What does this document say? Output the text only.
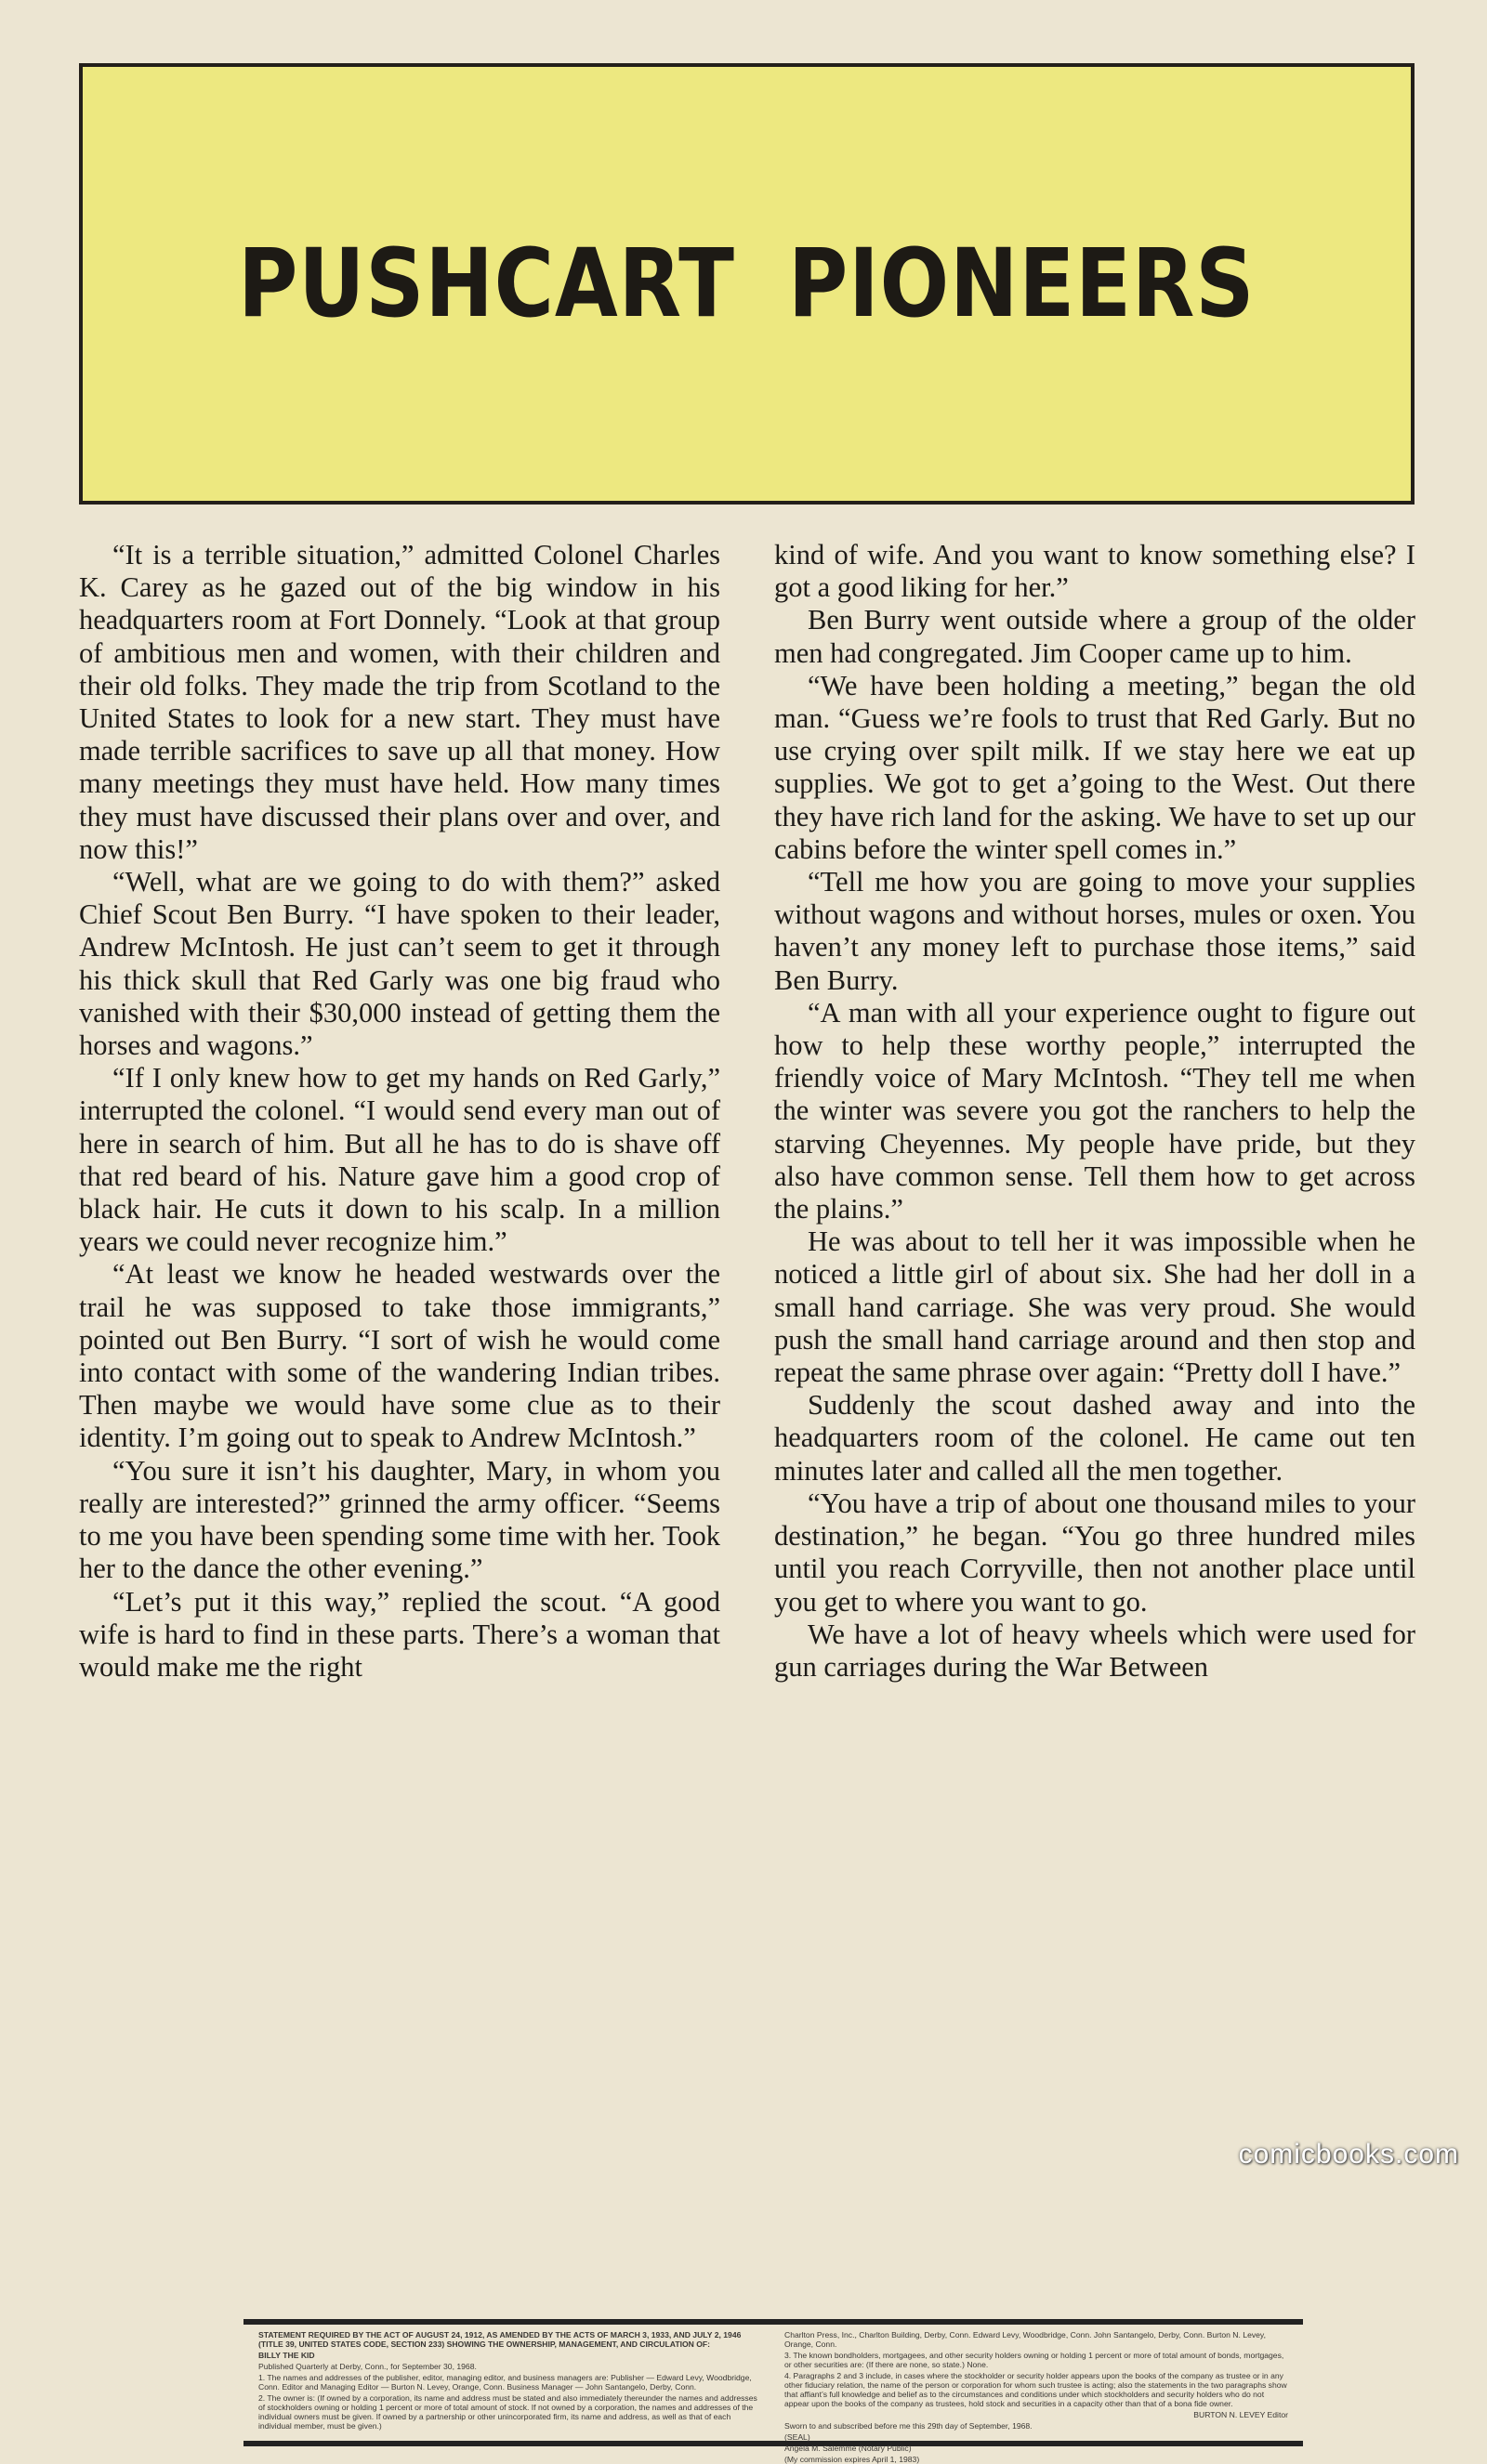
PUSHCART PIONEERS

“It is a terrible situation,” admitted Colonel Charles K. Carey as he gazed out of the big window in his headquarters room at Fort Donnely. “Look at that group of ambitious men and women, with their children and their old folks. They made the trip from Scotland to the United States to look for a new start. They must have made terrible sacrifices to save up all that money. How many meetings they must have held. How many times they must have discussed their plans over and over, and now this!”

“Well, what are we going to do with them?” asked Chief Scout Ben Burry. “I have spoken to their leader, Andrew McIntosh. He just can’t seem to get it through his thick skull that Red Garly was one big fraud who vanished with their $30,000 instead of getting them the horses and wagons.”

“If I only knew how to get my hands on Red Garly,” interrupted the colonel. “I would send every man out of here in search of him. But all he has to do is shave off that red beard of his. Nature gave him a good crop of black hair. He cuts it down to his scalp. In a million years we could never recognize him.”

“At least we know he headed westwards over the trail he was supposed to take those immigrants,” pointed out Ben Burry. “I sort of wish he would come into contact with some of the wandering Indian tribes. Then maybe we would have some clue as to their identity. I’m going out to speak to Andrew McIntosh.”

“You sure it isn’t his daughter, Mary, in whom you really are interested?” grinned the army officer. “Seems to me you have been spending some time with her. Took her to the dance the other evening.”

“Let’s put it this way,” replied the scout. “A good wife is hard to find in these parts. There’s a woman that would make me the right

kind of wife. And you want to know something else? I got a good liking for her.”

Ben Burry went outside where a group of the older men had congregated. Jim Cooper came up to him.

“We have been holding a meeting,” began the old man. “Guess we’re fools to trust that Red Garly. But no use crying over spilt milk. If we stay here we eat up supplies. We got to get a’going to the West. Out there they have rich land for the asking. We have to set up our cabins before the winter spell comes in.”

“Tell me how you are going to move your supplies without wagons and without horses, mules or oxen. You haven’t any money left to purchase those items,” said Ben Burry.

“A man with all your experience ought to figure out how to help these worthy people,” interrupted the friendly voice of Mary McIntosh. “They tell me when the winter was severe you got the ranchers to help the starving Cheyennes. My people have pride, but they also have common sense. Tell them how to get across the plains.”

He was about to tell her it was impossible when he noticed a little girl of about six. She had her doll in a small hand carriage. She was very proud. She would push the small hand carriage around and then stop and repeat the same phrase over again: “Pretty doll I have.”

Suddenly the scout dashed away and into the headquarters room of the colonel. He came out ten minutes later and called all the men together.

“You have a trip of about one thousand miles to your destination,” he began. “You go three hundred miles until you reach Corryville, then not another place until you get to where you want to go.

We have a lot of heavy wheels which were used for gun carriages during the War Between

STATEMENT REQUIRED BY THE ACT OF AUGUST 24, 1912, AS AMENDED BY THE ACTS OF MARCH 3, 1933, AND JULY 2, 1946 (TITLE 39, UNITED STATES CODE, SECTION 233) SHOWING THE OWNERSHIP, MANAGEMENT, AND CIRCULATION OF:

BILLY THE KID

Published Quarterly at Derby, Conn., for September 30, 1968.

1. The names and addresses of the publisher, editor, managing editor, and business managers are: Publisher — Edward Levy, Woodbridge, Conn. Editor and Managing Editor — Burton N. Levey, Orange, Conn. Business Manager — John Santangelo, Derby, Conn.

2. The owner is: (If owned by a corporation, its name and address must be stated and also immediately thereunder the names and addresses of stockholders owning or holding 1 percent or more of total amount of stock. If not owned by a corporation, the names and addresses of the individual owners must be given. If owned by a partnership or other unincorporated firm, its name and address, as well as that of each individual member, must be given.)

Charlton Press, Inc., Charlton Building, Derby, Conn. Edward Levy, Woodbridge, Conn. John Santangelo, Derby, Conn. Burton N. Levey, Orange, Conn.

3. The known bondholders, mortgagees, and other security holders owning or holding 1 percent or more of total amount of bonds, mortgages, or other securities are: (If there are none, so state.) None.

4. Paragraphs 2 and 3 include, in cases where the stockholder or security holder appears upon the books of the company as trustee or in any other fiduciary relation, the name of the person or corporation for whom such trustee is acting; also the statements in the two paragraphs show that affiant’s full knowledge and belief as to the circumstances and conditions under which stockholders and security holders who do not appear upon the books of the company as trustees, hold stock and securities in a capacity other than that of a bona fide owner.

BURTON N. LEVEY Editor

Sworn to and subscribed before me this 29th day of September, 1968.

(SEAL)

Angela M. Salemme (Notary Public)

(My commission expires April 1, 1983)

comicbooks.com
